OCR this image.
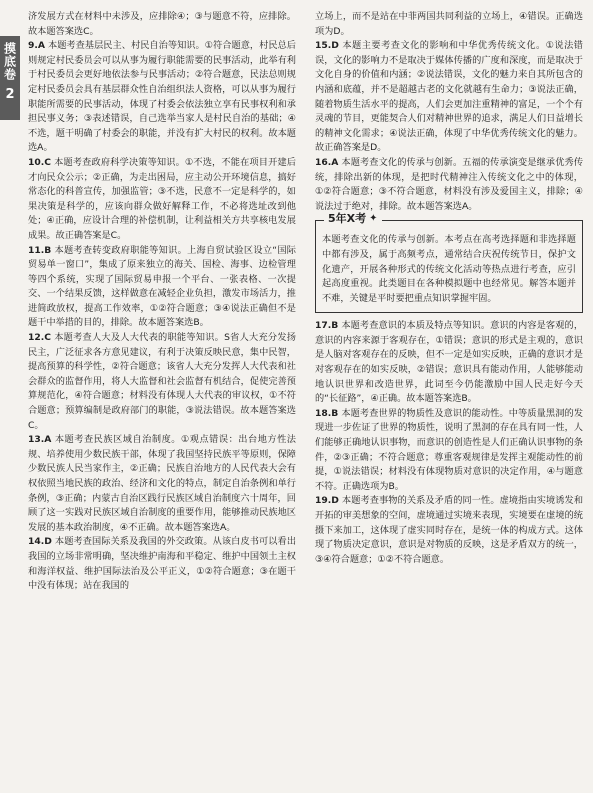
摸底卷
2

济发展方式在材料中未涉及，应排除④；③与题意不符，应排除。故本题答案选C。

9.A 本题考查基层民主、村民自治等知识。①符合题意，村民总后则规定村民委员会可以从事为履行职能需要的民事活动，此举有利于村民委员会更好地依法参与民事活动；②符合题意，民法总则规定村民委员会具有基层群众性自治组织法人资格，可以从事为履行职能所需要的民事活动，体现了村委会依法独立享有民事权利和承担民事义务；③表述错误，自己选举当家人是村民自治的基础；④不选，题干明确了村委会的职能，并没有扩大村民的权利。故本题选A。

10.C 本题考查政府科学决策等知识。①不选，不能在项目开建后才向民众公示；②正确，为走出困局，应主动公开环境信息，搞好常态化的科普宣传，加强监管；③不选，民意不一定是科学的，如果决策是科学的，应该向群众做好解释工作，不必将选址改到他处；④正确，应设计合理的补偿机制，让利益相关方共享核电发展成果。故正确答案是C。

11.B 本题考查转变政府职能等知识。上海自贸试验区设立“国际贸易单一窗口”，集成了原来独立的海关、国检、海事、边检管理等四个系统，实现了国际贸易申报一个平台、一张表格、一次提交、一个结果反馈，这样做意在减轻企业负担，激发市场活力，推进简政放权，提高工作效率，①②符合题意；③④说法正确但不是题干中举措的目的，排除。故本题答案选B。

12.C 本题考查人大及人大代表的职能等知识。S省人大充分发扬民主，广泛征求各方意见建议，有利于决策反映民意，集中民智，提高预算的科学性，②符合题意；该省人大充分发挥人大代表和社会群众的监督作用，将人大监督和社会监督有机结合，促使完善预算规范化，④符合题意；材料没有体现人大代表的审议权，①不符合题意；预算编制是政府部门的职能，③说法错误。故本题答案选C。

13.A 本题考查民族区域自治制度。①观点错误：出台地方性法规、培养使用少数民族干部，体现了我国坚持民族平等原则，保障少数民族人民当家作主，②正确；民族自治地方的人民代表大会有权依照当地民族的政治、经济和文化的特点，制定自治条例和单行条例，③正确；内蒙古自治区践行民族区域自治制度六十周年，回顾了这一实践对民族区域自治制度的重要作用，能够推动民族地区发展的基本政治制度，④不正确。故本题答案选A。

14.D 本题考查国际关系及我国的外交政策。从该白皮书可以看出我国的立场非常明确，坚决维护南海和平稳定、维护中国领土主权和海洋权益、维护国际法治及公平正义，①②符合题意；③在题干中没有体现；站在我国的

立场上，而不是站在中菲两国共同利益的立场上，④错误。正确选项为D。

15.D 本题主要考查文化的影响和中华优秀传统文化。①说法错误，文化的影响力不是取决于媒体传播的广度和深度，而是取决于文化自身的价值和内涵；②说法错误，文化的魅力来自其所包含的内涵和底蕴，并不是超越古老的文化就越有生命力；③说法正确，随着物质生活水平的提高，人们会更加注重精神的富足，一个个有灵魂的节目，更能契合人们对精神世界的追求，满足人们日益增长的精神文化需求；④说法正确，体现了中华优秀传统文化的魅力。故正确答案是D。

16.A 本题考查文化的传承与创新。五福的传承演变是继承优秀传统，排除出新的体现，是把时代精神注入传统文化之中的体现，①②符合题意；③不符合题意，材料没有涉及爱国主义，排除；④说法过于绝对，排除。故本题答案选A。

5年X考 ✦

本题考查文化的传承与创新。本考点在高考选择题和非选择题中都有涉及，属于高频考点，通常结合庆祝传统节日，保护文化遗产，开展各种形式的传统文化活动等热点进行考查，应引起高度重视。此类题目在各种模拟题中也经常见。解答本题并不难，关键是平时要把重点知识掌握牢固。

17.B 本题考查意识的本质及特点等知识。意识的内容是客观的，意识的内容来源于客观存在，①错误；意识的形式是主观的，意识是人脑对客观存在的反映，但不一定是如实反映，正确的意识才是对客观存在的如实反映，②错误；意识具有能动作用，人能够能动地认识世界和改造世界，此词至今仍能激励中国人民走好今天的“长征路”，④正确。故本题答案选B。

18.B 本题考查世界的物质性及意识的能动性。中等质量黑洞的发现进一步佐证了世界的物质性，说明了黑洞的存在具有同一性，人们能够正确地认识事物，而意识的创造性是人们正确认识事物的条件，②③正确；不符合题意；尊重客观规律是发挥主观能动性的前提，①说法错误；材料没有体现物质对意识的决定作用，④与题意不符。正确选项为B。

19.D 本题考查事物的关系及矛盾的同一性。虚境指由实境诱发和开拓的审美想象的空间，虚境通过实境来表现，实境要在虚境的统摄下来加工，这体现了虚实同时存在，是统一体的构成方式。这体现了物质决定意识，意识是对物质的反映，这是矛盾双方的统一，③④符合题意；①②不符合题意。
